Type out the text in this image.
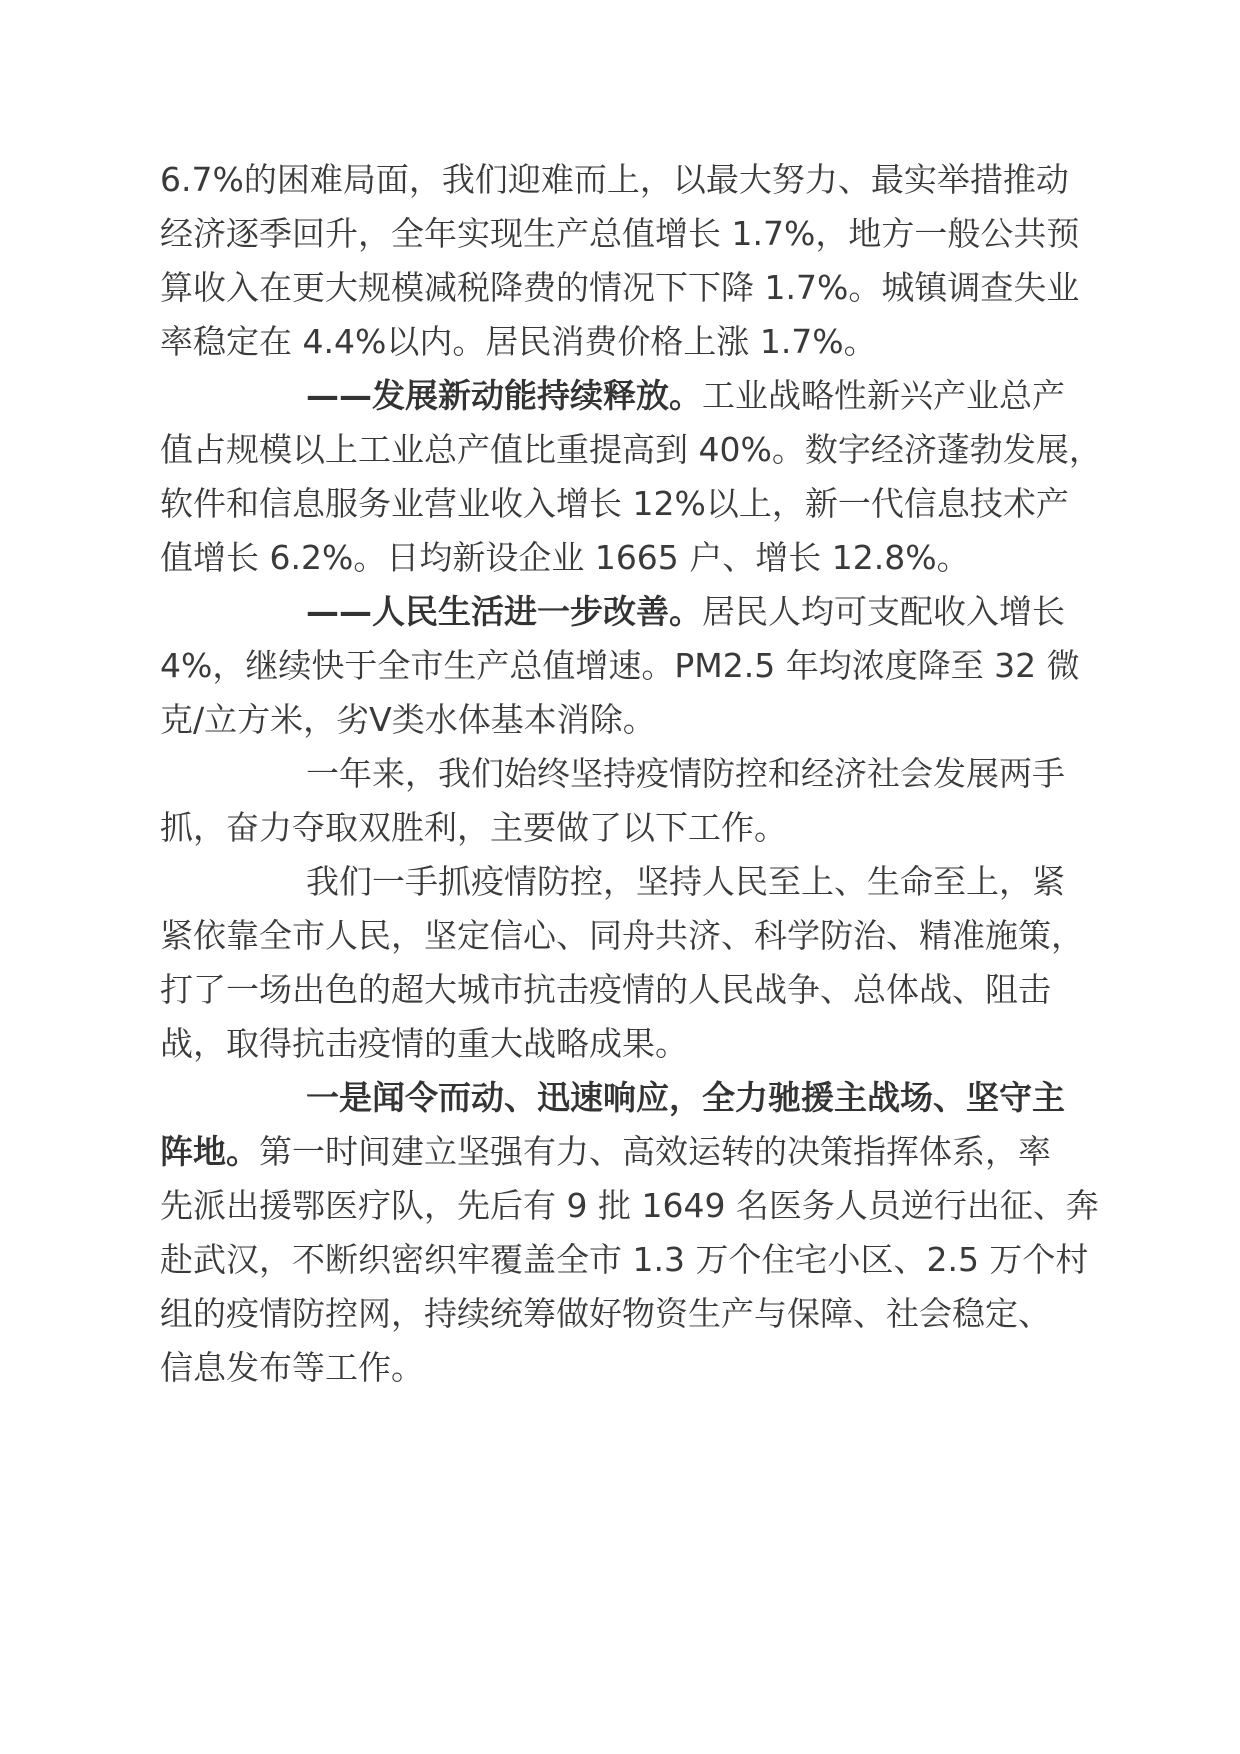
6.7%的困难局面，我们迎难而上，以最大努力、最实举措推动
经济逐季回升，全年实现生产总值增长 1.7%，地方一般公共预
算收入在更大规模减税降费的情况下下降 1.7%。城镇调查失业
率稳定在 4.4%以内。居民消费价格上涨 1.7%。
——发展新动能持续释放。工业战略性新兴产业总产
值占规模以上工业总产值比重提高到 40%。数字经济蓬勃发展，
软件和信息服务业营业收入增长 12%以上，新一代信息技术产
值增长 6.2%。日均新设企业 1665 户、增长 12.8%。
——人民生活进一步改善。居民人均可支配收入增长
4%，继续快于全市生产总值增速。PM2.5 年均浓度降至 32 微
克/立方米，劣Ⅴ类水体基本消除。
一年来，我们始终坚持疫情防控和经济社会发展两手
抓，奋力夺取双胜利，主要做了以下工作。
我们一手抓疫情防控，坚持人民至上、生命至上，紧
紧依靠全市人民，坚定信心、同舟共济、科学防治、精准施策，
打了一场出色的超大城市抗击疫情的人民战争、总体战、阻击
战，取得抗击疫情的重大战略成果。
一是闻令而动、迅速响应，全力驰援主战场、坚守主
阵地。第一时间建立坚强有力、高效运转的决策指挥体系，率
先派出援鄂医疗队，先后有 9 批 1649 名医务人员逆行出征、奔
赴武汉，不断织密织牢覆盖全市 1.3 万个住宅小区、2.5 万个村
组的疫情防控网，持续统筹做好物资生产与保障、社会稳定、
信息发布等工作。
